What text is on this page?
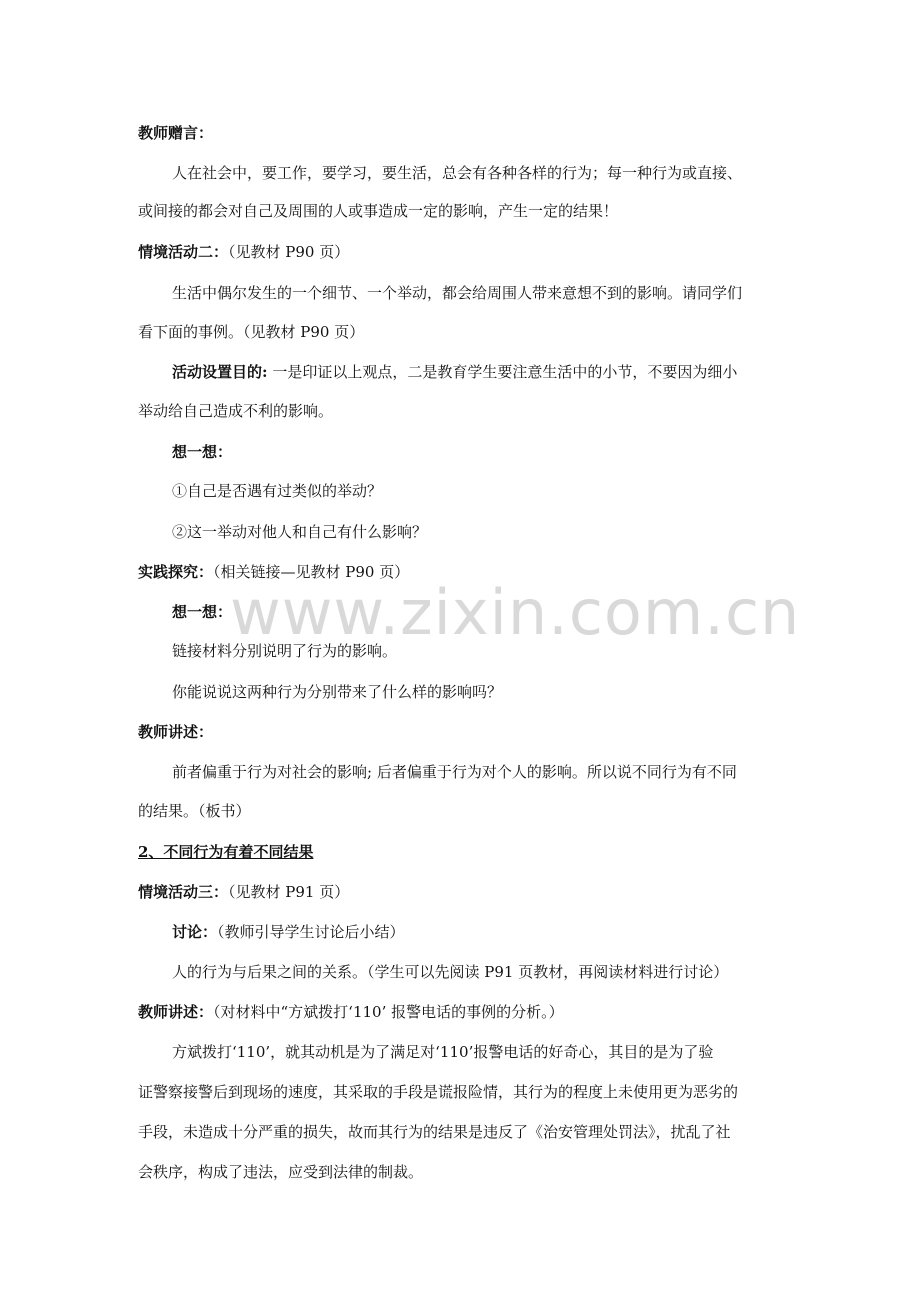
www.zixin.com.cn
教师赠言：
人在社会中，要工作，要学习，要生活，总会有各种各样的行为；每一种行为或直接、
或间接的都会对自己及周围的人或事造成一定的影响，产生一定的结果！
情境活动二：（见教材 P90 页）
生活中偶尔发生的一个细节、一个举动，都会给周围人带来意想不到的影响。请同学们
看下面的事例。（见教材 P90 页）
活动设置目的: 一是印证以上观点，二是教育学生要注意生活中的小节，不要因为细小
举动给自己造成不利的影响。
想一想：
①自己是否遇有过类似的举动？
②这一举动对他人和自己有什么影响？
实践探究：（相关链接—见教材 P90 页）
想一想：
链接材料分别说明了行为的影响。
你能说说这两种行为分别带来了什么样的影响吗？
教师讲述：
前者偏重于行为对社会的影响; 后者偏重于行为对个人的影响。所以说不同行为有不同
的结果。（板书）
2、不同行为有着不同结果
情境活动三：（见教材 P91 页）
讨论：（教师引导学生讨论后小结）
人的行为与后果之间的关系。（学生可以先阅读 P91 页教材，再阅读材料进行讨论）
教师讲述：（对材料中“方斌拨打‘110’ 报警电话的事例的分析。）
方斌拨打‘110’，就其动机是为了满足对‘110’报警电话的好奇心，其目的是为了验
证警察接警后到现场的速度，其采取的手段是谎报险情，其行为的程度上未使用更为恶劣的
手段，未造成十分严重的损失，故而其行为的结果是违反了《治安管理处罚法》，扰乱了社
会秩序，构成了违法，应受到法律的制裁。
